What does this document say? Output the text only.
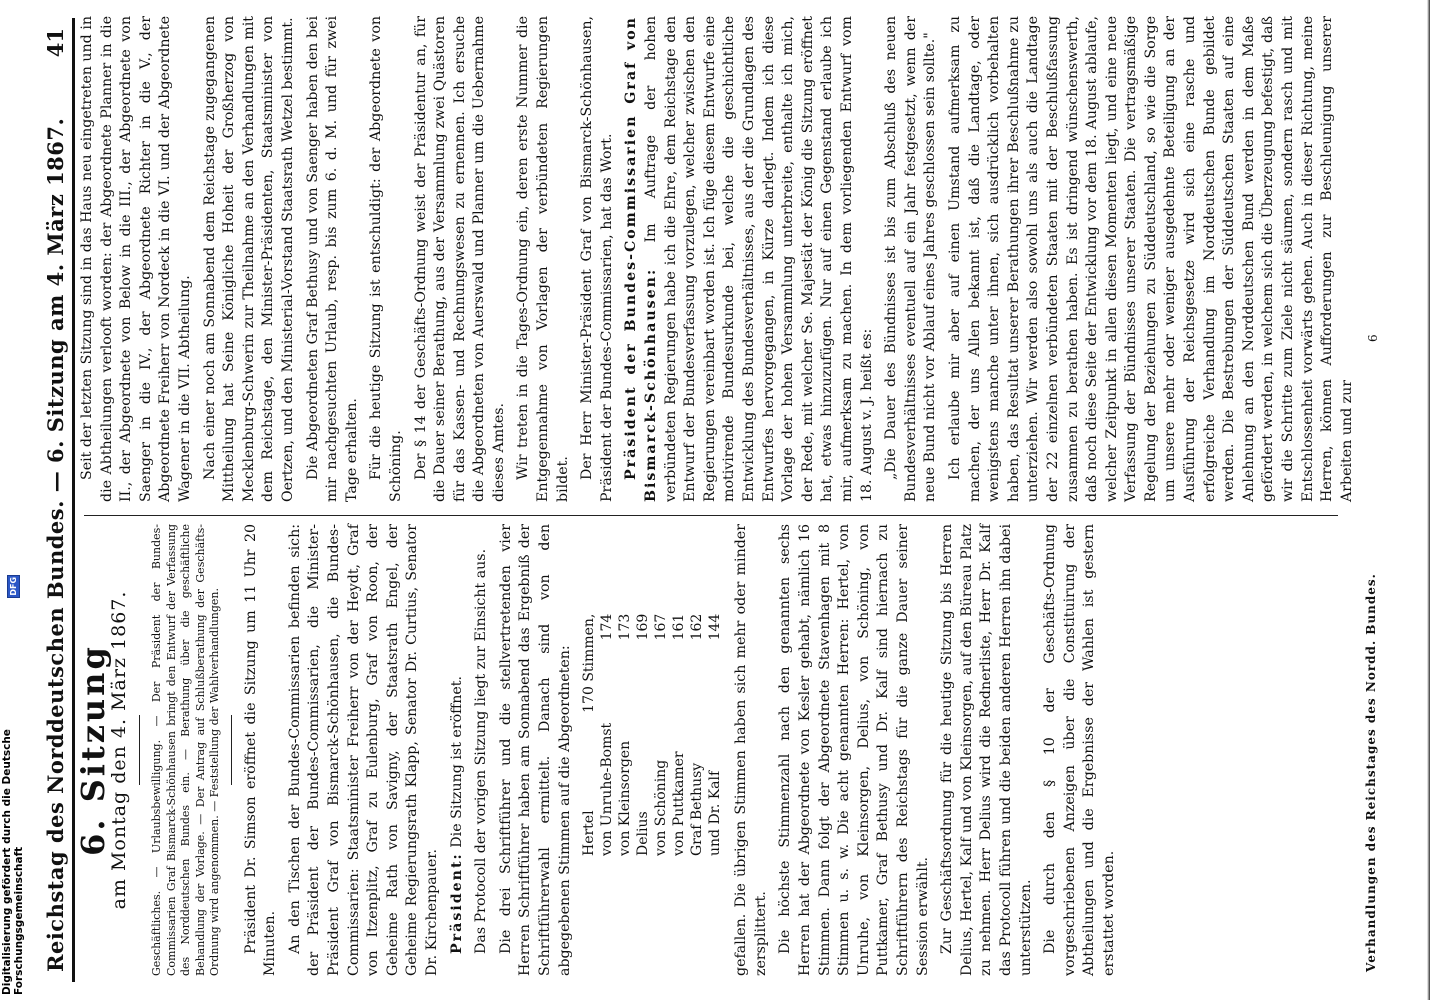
Reichstag des Norddeutschen Bundes. — 6. Sitzung am 4. März 1867.
41
6. Sitzung
am Montag den 4. März 1867. Geschäftliches. — Urlaubsbewilligung. — Der Präsident der Bundes-Commissarien Graf Bismarck-Schönhausen bringt den Entwurf der Verfassung des Norddeutschen Bundes ein. — Berathung über die geschäftliche Behandlung der Vorlage. — Der Antrag auf Schlußberathung der Geschäfts-Ordnung wird angenommen. — Feststellung der Wahlverhandlungen. Präsident Dr. Simson eröffnet die Sitzung um 11 Uhr 20 Minuten. An den Tischen der Bundes-Commissarien befinden sich: der Präsident der Bundes-Commissarien, die Minister-Präsident Graf von Bismarck-Schönhausen, die Bundes-Commissarien: Staatsminister Freiherr von der Heydt, Graf von Itzenplitz, Graf zu Eulenburg, Graf von Roon, der Geheime Rath von Savigny, der Staatsrath Engel, der Geheime Regierungsrath Klapp, Senator Dr. Curtius, Senator Dr. Kirchenpauer. Präsident: Die Sitzung ist eröffnet. Das Protocoll der vorigen Sitzung liegt zur Einsicht aus. Die drei Schriftführer und die stellvertretenden vier Herren Schriftführer haben am Sonnabend das Ergebniß der Schriftführerwahl ermittelt. Danach sind von den abgegebenen Stimmen auf die Abgeordneten: Hertel	170 Stimmen,
von Unruhe-Bomst	174
von Kleinsorgen	173
Delius	169
von Schöning	167
von Puttkamer	161
Graf Bethusy	162
und Dr. Kalf	144 gefallen. Die übrigen Stimmen haben sich mehr oder minder zersplittert. Die höchste Stimmenzahl nach den genannten sechs Herren hat der Abgeordnete von Kesler gehabt, nämlich 16 Stimmen. Dann folgt der Abgeordnete Stavenhagen mit 8 Stimmen u. s. w. Die acht genannten Herren: Hertel, von Unruhe, von Kleinsorgen, Delius, von Schöning, von Puttkamer, Graf Bethusy und Dr. Kalf sind hiernach zu Schriftführern des Reichstags für die ganze Dauer seiner Session erwählt. Zur Geschäftsordnung für die heutige Sitzung bis Herren Delius, Hertel, Kalf und von Kleinsorgen, auf den Büreau Platz zu nehmen. Herr Delius wird die Rednerliste, Herr Dr. Kalf das Protocoll führen und die beiden anderen Herren ihn dabei unterstützen. Die durch den § 10 der Geschäfts-Ordnung vorgeschriebenen Anzeigen über die Constituirung der Abtheilungen und die Ergebnisse der Wahlen ist gestern erstattet worden.

Seit der letzten Sitzung sind in das Haus neu eingetreten und in die Abtheilungen verlooft worden: der Abgeordnete Planner in die II., der Abgeordnete von Below in die III., der Abgeordnete von Saenger in die IV., der Abgeordnete Richter in die V., der Abgeordnete Freiherr von Nordeck in die VI. und der Abgeordnete Wagener in die VII. Abtheilung. Nach einer noch am Sonnabend dem Reichstage zugegangenen Mittheilung hat Seine Königliche Hoheit der Großherzog von Mecklenburg-Schwerin zur Theilnahme an den Verhandlungen mit dem Reichstage, den Minister-Präsidenten, Staatsminister von Oertzen, und den Ministerial-Vorstand Staatsrath Wetzel bestimmt. Die Abgeordneten Graf Bethusy und von Saenger haben den bei mir nachgesuchten Urlaub, resp. bis zum 6. d. M. und für zwei Tage erhalten. Für die heutige Sitzung ist entschuldigt: der Abgeordnete von Schöning. Der § 14 der Geschäfts-Ordnung weist der Präsidentur an, für die Dauer seiner Berathung, aus der Versammlung zwei Quästoren für das Kassen- und Rechnungswesen zu ernennen. Ich ersuche die Abgeordneten von Auerswald und Planner um die Uebernahme dieses Amtes. Wir treten in die Tages-Ordnung ein, deren erste Nummer die Entgegennahme von Vorlagen der verbündeten Regierungen bildet. Der Herr Minister-Präsident Graf von Bismarck-Schönhausen, Präsident der Bundes-Commissarien, hat das Wort. Präsident der Bundes-Commissarien Graf von Bismarck-Schönhausen: Im Auftrage der hohen verbündeten Regierungen habe ich die Ehre, dem Reichstage den Entwurf der Bundesverfassung vorzulegen, welcher zwischen den Regierungen vereinbart worden ist. Ich füge diesem Entwurfe eine motivirende Bundesurkunde bei, welche die geschichtliche Entwicklung des Bundesverhältnisses, aus der die Grundlagen des Entwurfes hervorgegangen, in Kürze darlegt. Indem ich diese Vorlage der hohen Versammlung unterbreite, enthalte ich mich, der Rede, mit welcher Se. Majestät der König die Sitzung eröffnet hat, etwas hinzuzufügen. Nur auf einen Gegenstand erlaube ich mir, aufmerksam zu machen. In dem vorliegenden Entwurf vom 18. August v. J. heißt es: „Die Dauer des Bündnisses ist bis zum Abschluß des neuen Bundesverhältnisses eventuell auf ein Jahr festgesetzt, wenn der neue Bund nicht vor Ablauf eines Jahres geschlossen sein sollte." Ich erlaube mir aber auf einen Umstand aufmerksam zu machen, der uns Allen bekannt ist, daß die Landtage, oder wenigstens manche unter ihnen, sich ausdrücklich vorbehalten haben, das Resultat unserer Berathungen ihrer Beschlußnahme zu unterziehen. Wir werden also sowohl uns als auch die Landtage der 22 einzelnen verbündeten Staaten mit der Beschlußfassung zusammen zu berathen haben. Es ist dringend wünschenswerth, daß noch diese Seite der Entwicklung vor dem 18. August ablaufe, welcher Zeitpunkt in allen diesen Momenten liegt, und eine neue Verfassung der Bündnisses unserer Staaten. Die vertragsmäßige Regelung der Beziehungen zu Süddeutschland, so wie die Sorge um unsere mehr oder weniger ausgedehnte Beteiligung an der Ausführung der Reichsgesetze wird sich eine rasche und erfolgreiche Verhandlung im Norddeutschen Bunde gebildet werden. Die Bestrebungen der Süddeutschen Staaten auf eine Anlehnung an den Norddeutschen Bund werden in dem Maße gefördert werden, in welchem sich die Überzeugung befestigt, daß wir die Schritte zum Ziele nicht säumen, sondern rasch und mit Entschlossenheit vorwärts gehen. Auch in dieser Richtung, meine Herren, können Aufforderungen zur Beschleunigung unserer Arbeiten und zur

Verhandlungen des Reichstages des Nordd. Bundes.
6
Digitalisierung gefördert durch die Deutsche Forschungsgemeinschaft
DFG
